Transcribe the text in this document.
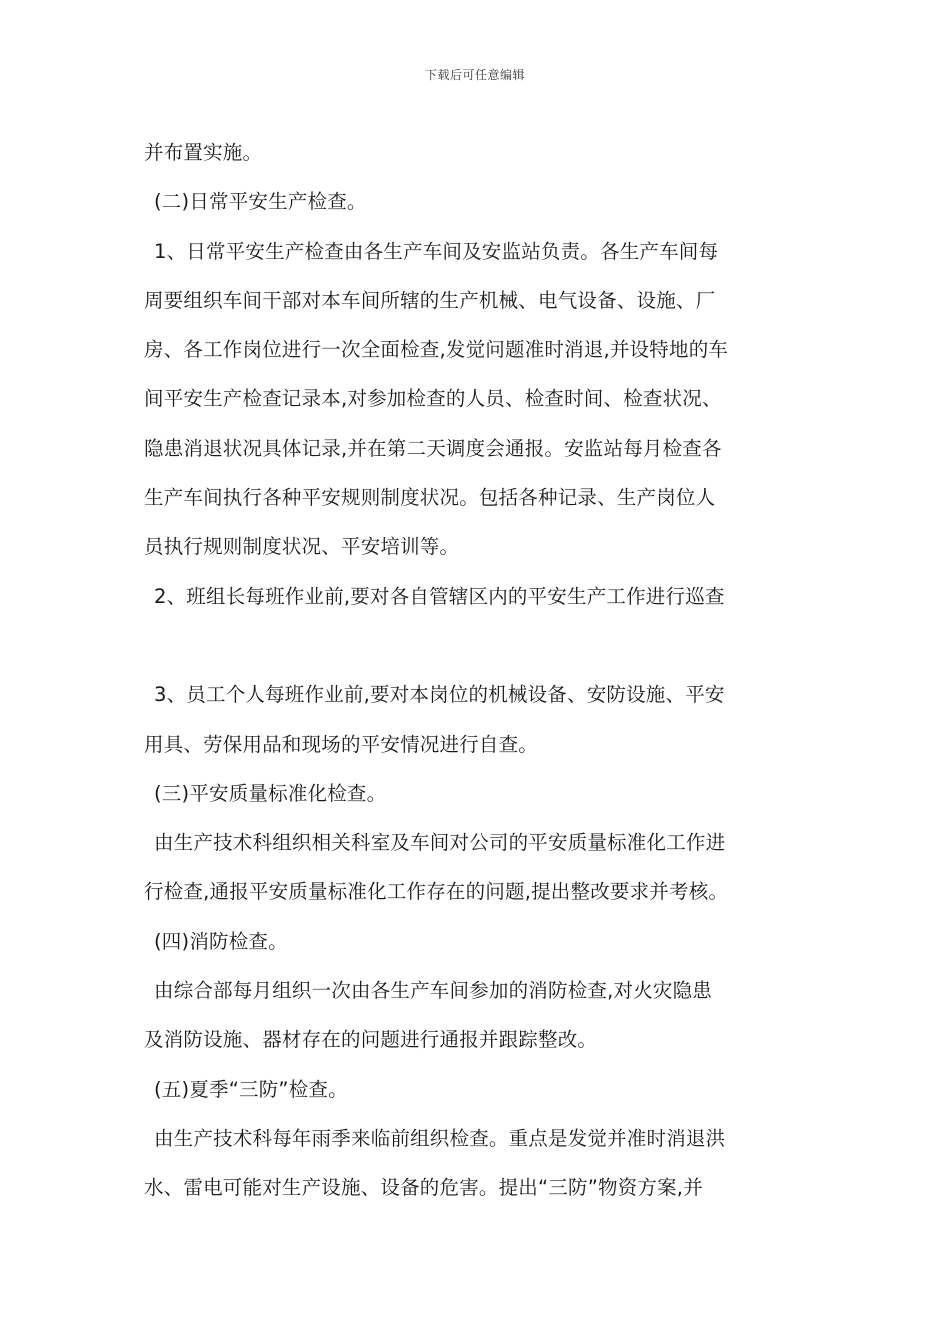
下载后可任意编辑
并布置实施。
(二)日常平安生产检查。
1、日常平安生产检查由各生产车间及安监站负责。各生产车间每
周要组织车间干部对本车间所辖的生产机械、电气设备、设施、厂
房、各工作岗位进行一次全面检查,发觉问题准时消退,并设特地的车
间平安生产检查记录本,对参加检查的人员、检查时间、检查状况、
隐患消退状况具体记录,并在第二天调度会通报。安监站每月检查各
生产车间执行各种平安规则制度状况。包括各种记录、生产岗位人
员执行规则制度状况、平安培训等。
2、班组长每班作业前,要对各自管辖区内的平安生产工作进行巡查
3、员工个人每班作业前,要对本岗位的机械设备、安防设施、平安
用具、劳保用品和现场的平安情况进行自查。
(三)平安质量标准化检查。
由生产技术科组织相关科室及车间对公司的平安质量标准化工作进
行检查,通报平安质量标准化工作存在的问题,提出整改要求并考核。
(四)消防检查。
由综合部每月组织一次由各生产车间参加的消防检查,对火灾隐患
及消防设施、器材存在的问题进行通报并跟踪整改。
(五)夏季“三防”检查。
由生产技术科每年雨季来临前组织检查。重点是发觉并准时消退洪
水、雷电可能对生产设施、设备的危害。提出“三防”物资方案,并
